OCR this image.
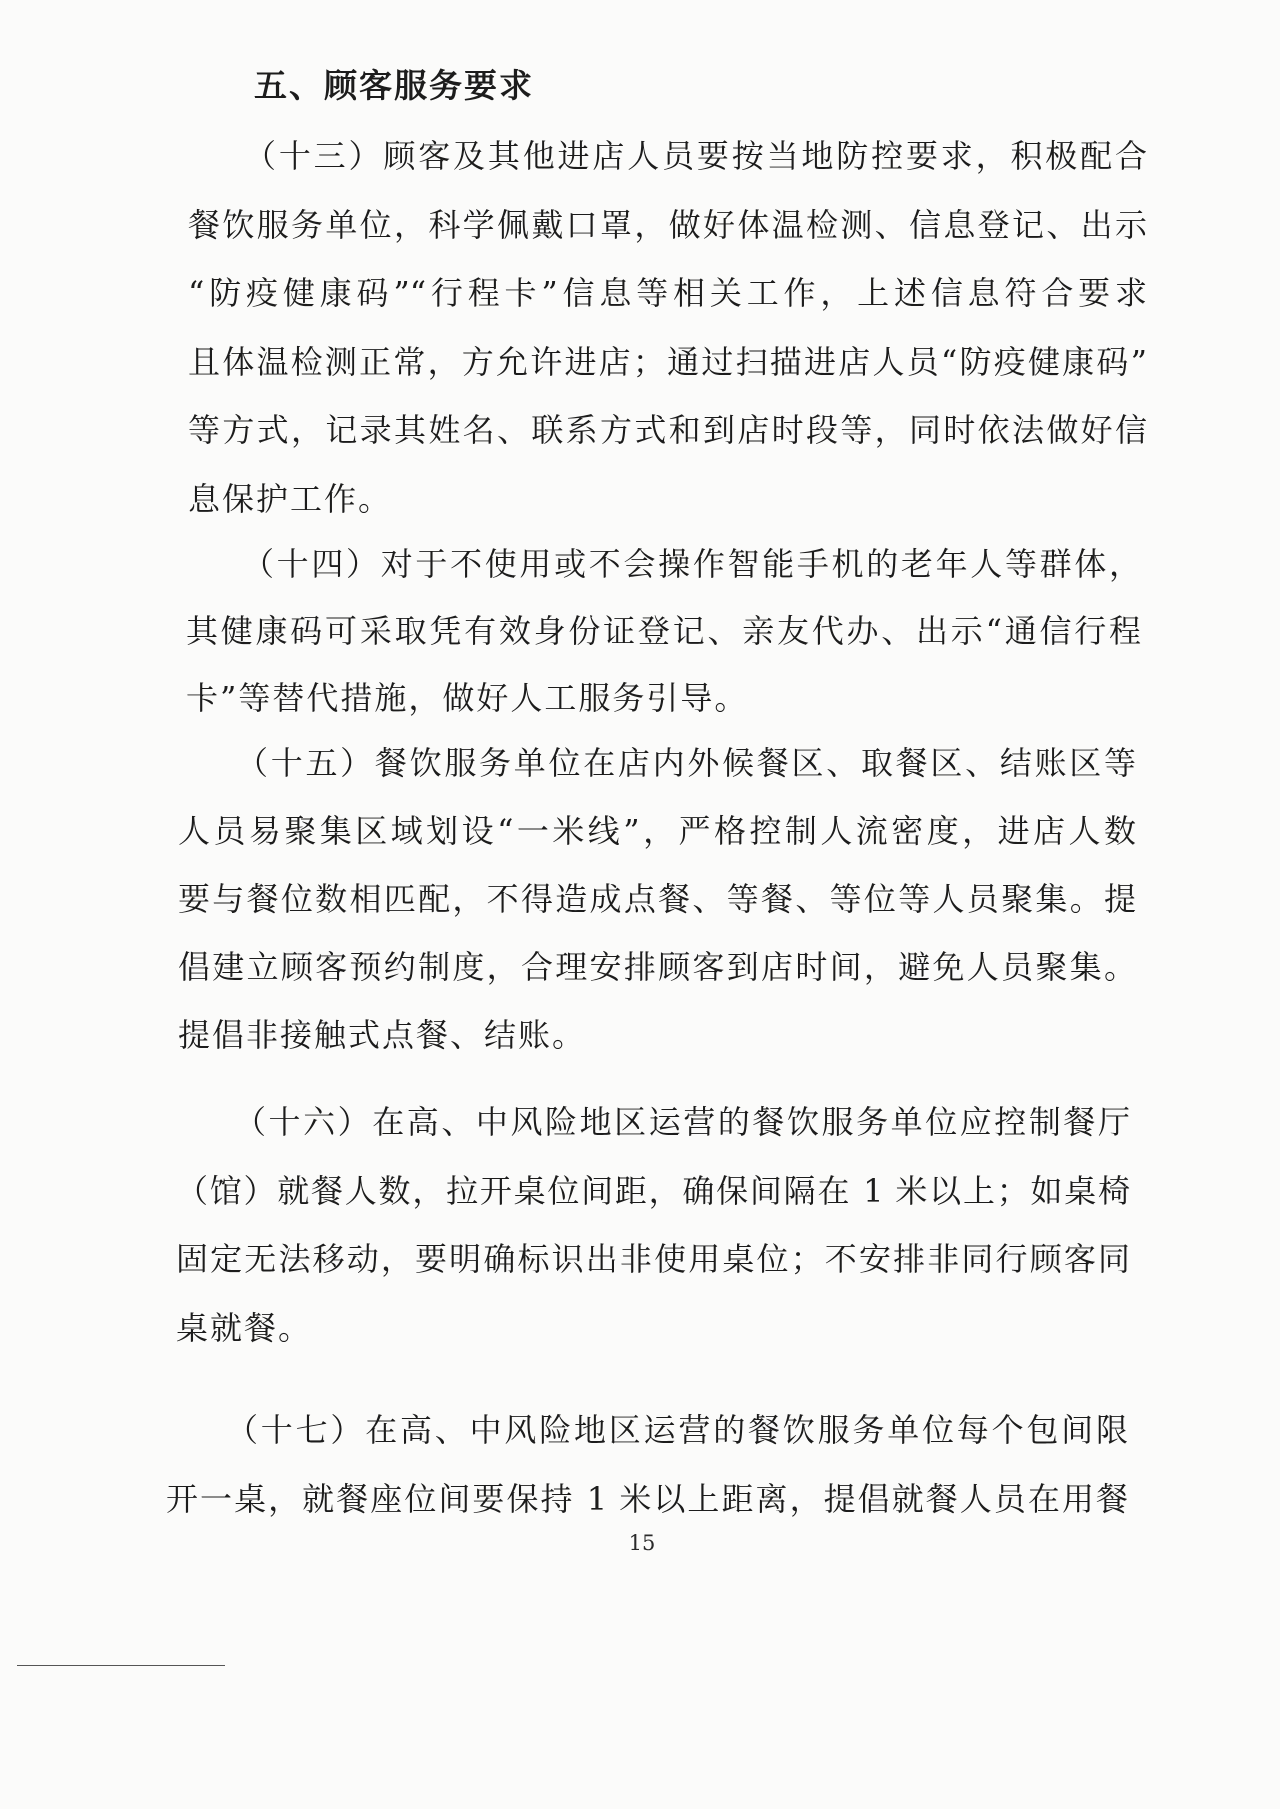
五、顾客服务要求
（十三）顾客及其他进店人员要按当地防控要求，积极配合
餐饮服务单位，科学佩戴口罩，做好体温检测、信息登记、出示
“防疫健康码”“行程卡”信息等相关工作，上述信息符合要求
且体温检测正常，方允许进店；通过扫描进店人员“防疫健康码”
等方式，记录其姓名、联系方式和到店时段等，同时依法做好信
息保护工作。
（十四）对于不使用或不会操作智能手机的老年人等群体，
其健康码可采取凭有效身份证登记、亲友代办、出示“通信行程
卡”等替代措施，做好人工服务引导。
（十五）餐饮服务单位在店内外候餐区、取餐区、结账区等
人员易聚集区域划设“一米线”，严格控制人流密度，进店人数
要与餐位数相匹配，不得造成点餐、等餐、等位等人员聚集。提
倡建立顾客预约制度，合理安排顾客到店时间，避免人员聚集。
提倡非接触式点餐、结账。
（十六）在高、中风险地区运营的餐饮服务单位应控制餐厅
（馆）就餐人数，拉开桌位间距，确保间隔在 1 米以上；如桌椅
固定无法移动，要明确标识出非使用桌位；不安排非同行顾客同
桌就餐。
（十七）在高、中风险地区运营的餐饮服务单位每个包间限
开一桌，就餐座位间要保持 1 米以上距离，提倡就餐人员在用餐
15
